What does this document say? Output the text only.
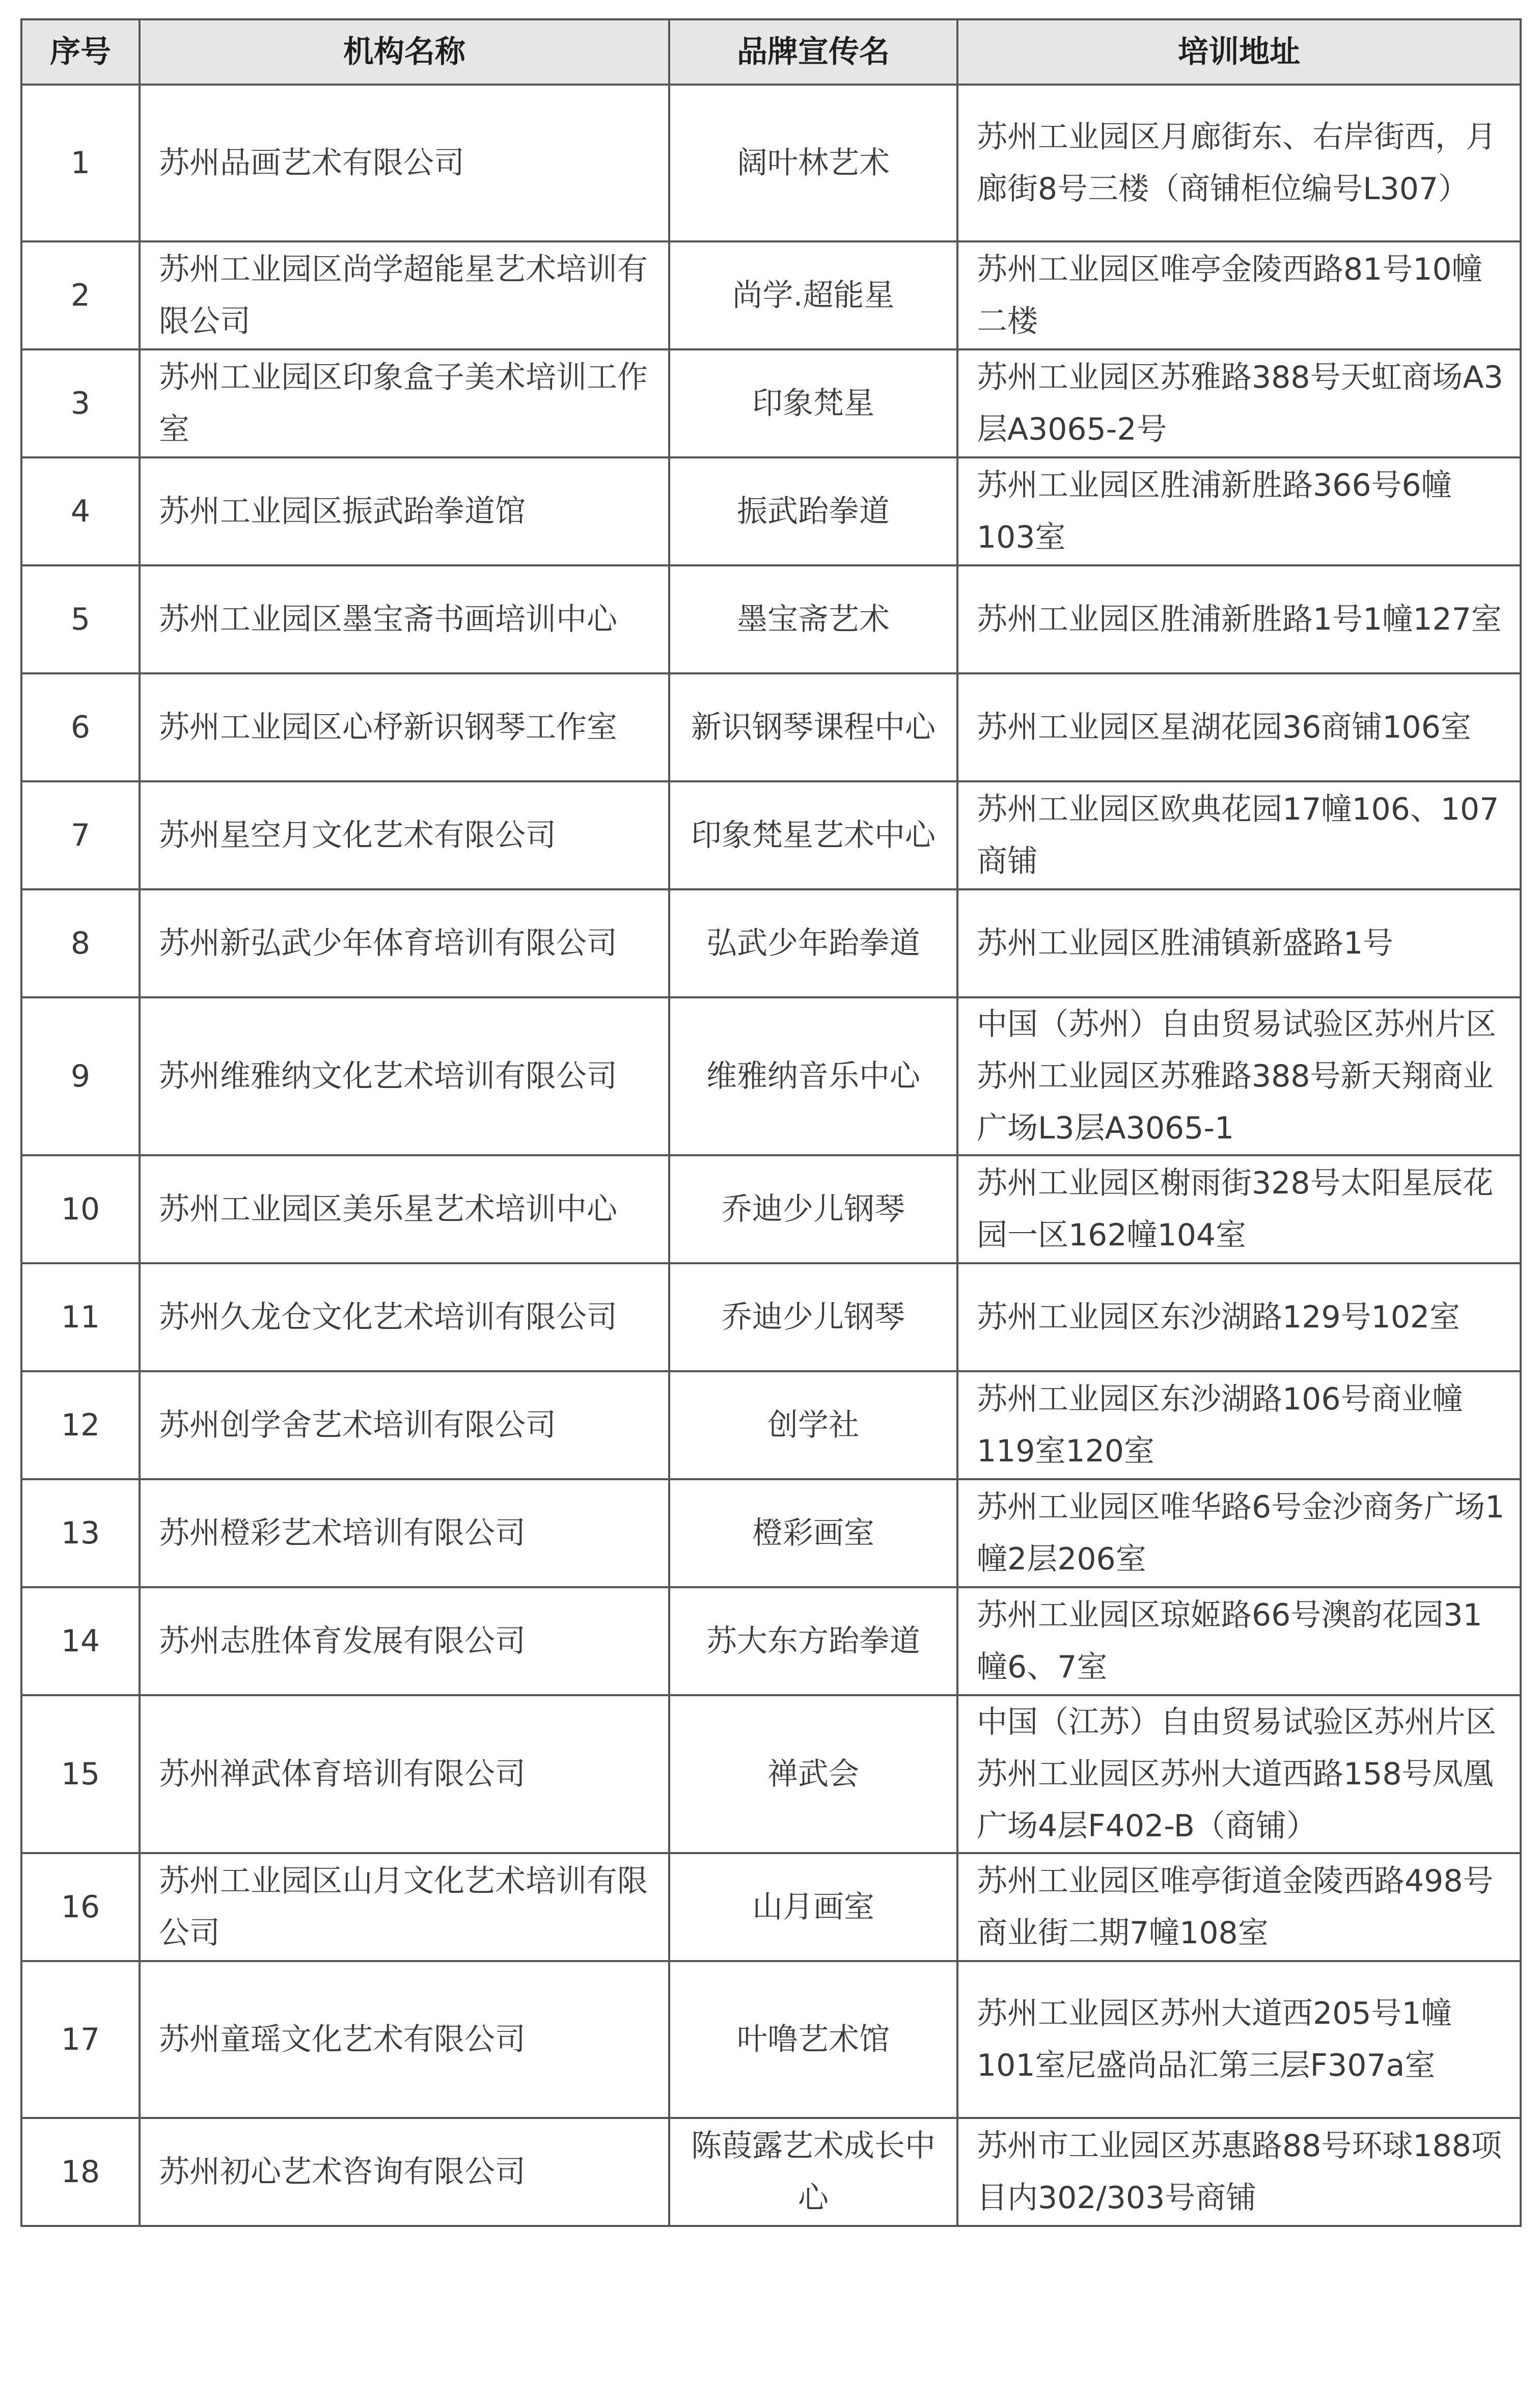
序号	机构名称	品牌宣传名	培训地址
1	苏州品画艺术有限公司	阔叶林艺术	苏州工业园区月廊街东、右岸街西，月廊街8号三楼（商铺柜位编号L307）
2	苏州工业园区尚学超能星艺术培训有限公司	尚学.超能星	苏州工业园区唯亭金陵西路81号10幢二楼
3	苏州工业园区印象盒子美术培训工作室	印象梵星	苏州工业园区苏雅路388号天虹商场A3层A3065-2号
4	苏州工业园区振武跆拳道馆	振武跆拳道	苏州工业园区胜浦新胜路366号6幢103室
5	苏州工业园区墨宝斋书画培训中心	墨宝斋艺术	苏州工业园区胜浦新胜路1号1幢127室
6	苏州工业园区心杼新识钢琴工作室	新识钢琴课程中心	苏州工业园区星湖花园36商铺106室
7	苏州星空月文化艺术有限公司	印象梵星艺术中心	苏州工业园区欧典花园17幢106、107商铺
8	苏州新弘武少年体育培训有限公司	弘武少年跆拳道	苏州工业园区胜浦镇新盛路1号
9	苏州维雅纳文化艺术培训有限公司	维雅纳音乐中心	中国（苏州）自由贸易试验区苏州片区苏州工业园区苏雅路388号新天翔商业广场L3层A3065-1
10	苏州工业园区美乐星艺术培训中心	乔迪少儿钢琴	苏州工业园区榭雨街328号太阳星辰花园一区162幢104室
11	苏州久龙仓文化艺术培训有限公司	乔迪少儿钢琴	苏州工业园区东沙湖路129号102室
12	苏州创学舍艺术培训有限公司	创学社	苏州工业园区东沙湖路106号商业幢119室120室
13	苏州橙彩艺术培训有限公司	橙彩画室	苏州工业园区唯华路6号金沙商务广场1幢2层206室
14	苏州志胜体育发展有限公司	苏大东方跆拳道	苏州工业园区琼姬路66号澳韵花园31幢6、7室
15	苏州禅武体育培训有限公司	禅武会	中国（江苏）自由贸易试验区苏州片区苏州工业园区苏州大道西路158号凤凰广场4层F402-B（商铺）
16	苏州工业园区山月文化艺术培训有限公司	山月画室	苏州工业园区唯亭街道金陵西路498号商业街二期7幢108室
17	苏州童瑶文化艺术有限公司	叶噜艺术馆	苏州工业园区苏州大道西205号1幢101室尼盛尚品汇第三层F307a室
18	苏州初心艺术咨询有限公司	陈葭露艺术成长中心	苏州市工业园区苏惠路88号环球188项目内302/303号商铺
